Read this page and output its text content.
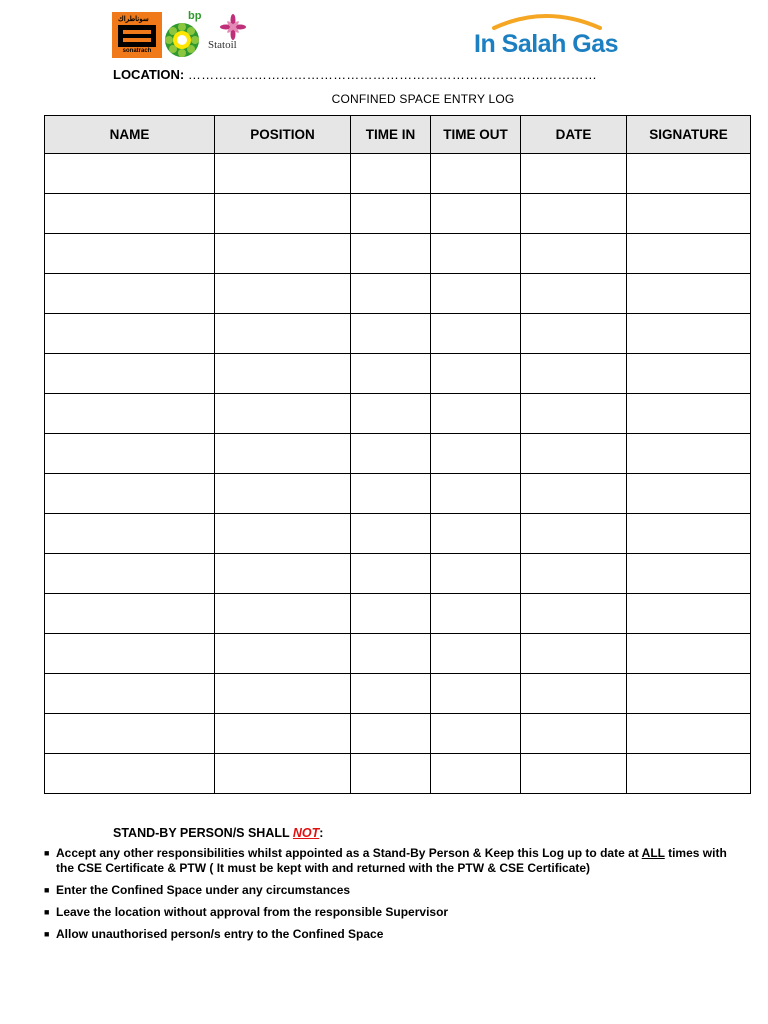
سوناطراك
sonatrach
bp
Statoil	In Salah Gas
LOCATION: …………………………………………………………………………………
CONFINED SPACE ENTRY LOG
NAME	POSITION	TIME IN	TIME OUT	DATE	SIGNATURE

STAND-BY PERSON/S SHALL NOT:
■ Accept any other responsibilities whilst appointed as a Stand-By Person & Keep this Log up to date at ALL times with the CSE Certificate & PTW ( It must be kept with and returned with the PTW & CSE Certificate)
■ Enter the Confined Space under any circumstances
■ Leave the location without approval from the responsible Supervisor
■ Allow unauthorised person/s entry to the Confined Space
